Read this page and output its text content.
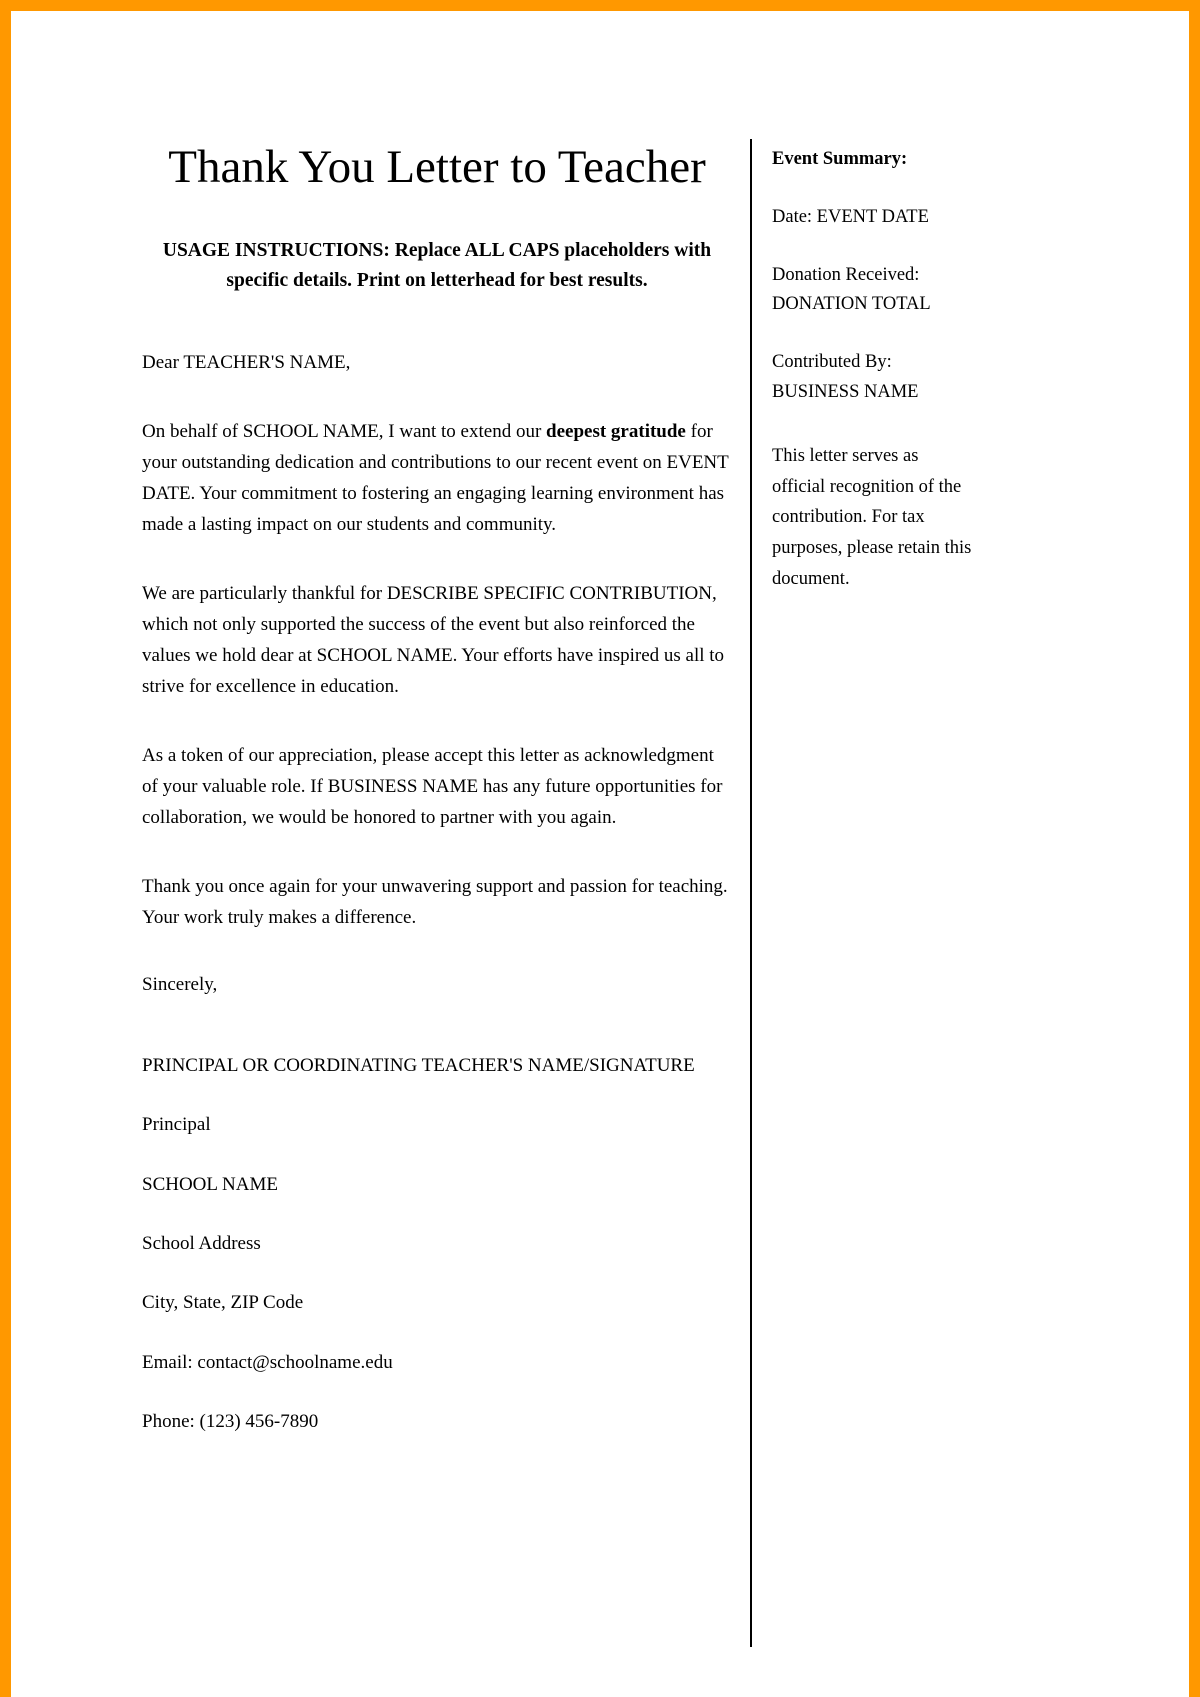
Thank You Letter to Teacher
USAGE INSTRUCTIONS: Replace ALL CAPS placeholders with specific details. Print on letterhead for best results.
Dear TEACHER'S NAME,

On behalf of SCHOOL NAME, I want to extend our deepest gratitude for your outstanding dedication and contributions to our recent event on EVENT DATE. Your commitment to fostering an engaging learning environment has made a lasting impact on our students and community.

We are particularly thankful for DESCRIBE SPECIFIC CONTRIBUTION, which not only supported the success of the event but also reinforced the values we hold dear at SCHOOL NAME. Your efforts have inspired us all to strive for excellence in education.

As a token of our appreciation, please accept this letter as acknowledgment of your valuable role. If BUSINESS NAME has any future opportunities for collaboration, we would be honored to partner with you again.

Thank you once again for your unwavering support and passion for teaching. Your work truly makes a difference.

Sincerely,
PRINCIPAL OR COORDINATING TEACHER'S NAME/SIGNATURE
Principal
SCHOOL NAME
School Address
City, State, ZIP Code
Email: contact@schoolname.edu
Phone: (123) 456-7890
Event Summary:
Date: EVENT DATE
Donation Received:
DONATION TOTAL
Contributed By:
BUSINESS NAME
This letter serves as official recognition of the contribution. For tax purposes, please retain this document.
